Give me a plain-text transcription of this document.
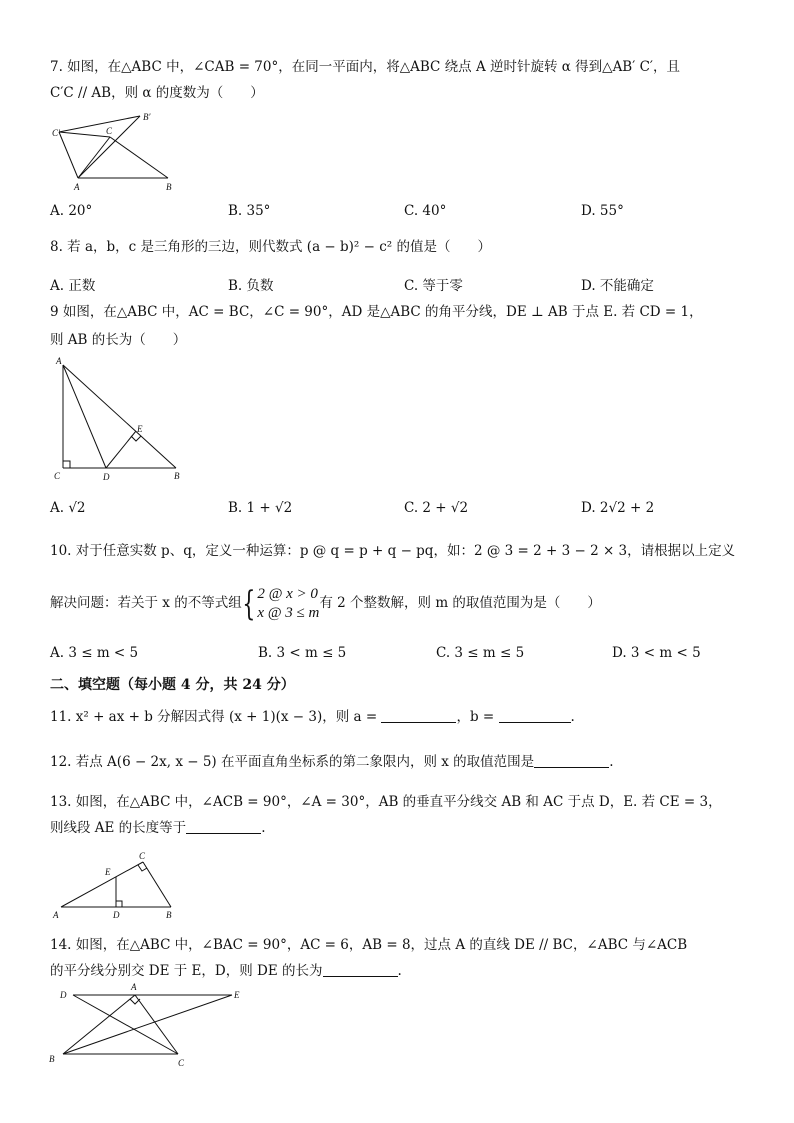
7. 如图，在△ABC 中，∠CAB = 70°，在同一平面内，将△ABC 绕点 A 逆时针旋转 α 得到△AB′ C′，且
C′C // AB，则 α 的度数为（　　）
C′	C
B′
A	B
A. 20°	B. 35°	C. 40°	D. 55°
8. 若 a，b，c 是三角形的三边，则代数式 (a − b)² − c² 的值是（　　）
A. 正数	B. 负数	C. 等于零	D. 不能确定
9 如图，在△ABC 中，AC = BC，∠C = 90°，AD 是△ABC 的角平分线，DE ⊥ AB 于点 E. 若 CD = 1，
则 AB 的长为（　　）
A
E
C	D	B
A. √2	B. 1 + √2	C. 2 + √2	D. 2√2 + 2
10. 对于任意实数 p、q，定义一种运算：p @ q = p + q − pq，如：2 @ 3 = 2 + 3 − 2 × 3，请根据以上定义
解决问题：若关于 x 的不等式组{ 2 @ x > 0
x @ 3 ≤ m
有 2 个整数解，则 m 的取值范围为是（　　）
A. 3 ≤ m < 5	B. 3 < m ≤ 5	C. 3 ≤ m ≤ 5	D. 3 < m < 5
二、填空题（每小题 4 分，共 24 分）
11. x² + ax + b 分解因式得 (x + 1)(x − 3)，则 a =	，b =	.
12. 若点 A(6 − 2x, x − 5) 在平面直角坐标系的第二象限内，则 x 的取值范围是	.
13. 如图，在△ABC 中，∠ACB = 90°，∠A = 30°，AB 的垂直平分线交 AB 和 AC 于点 D，E. 若 CE = 3，
则线段 AE 的长度等于	.
C
E
A	D	B
14. 如图，在△ABC 中，∠BAC = 90°，AC = 6，AB = 8，过点 A 的直线 DE // BC，∠ABC 与∠ACB
的平分线分别交 DE 于 E，D，则 DE 的长为	.
D
A
E
B	C
